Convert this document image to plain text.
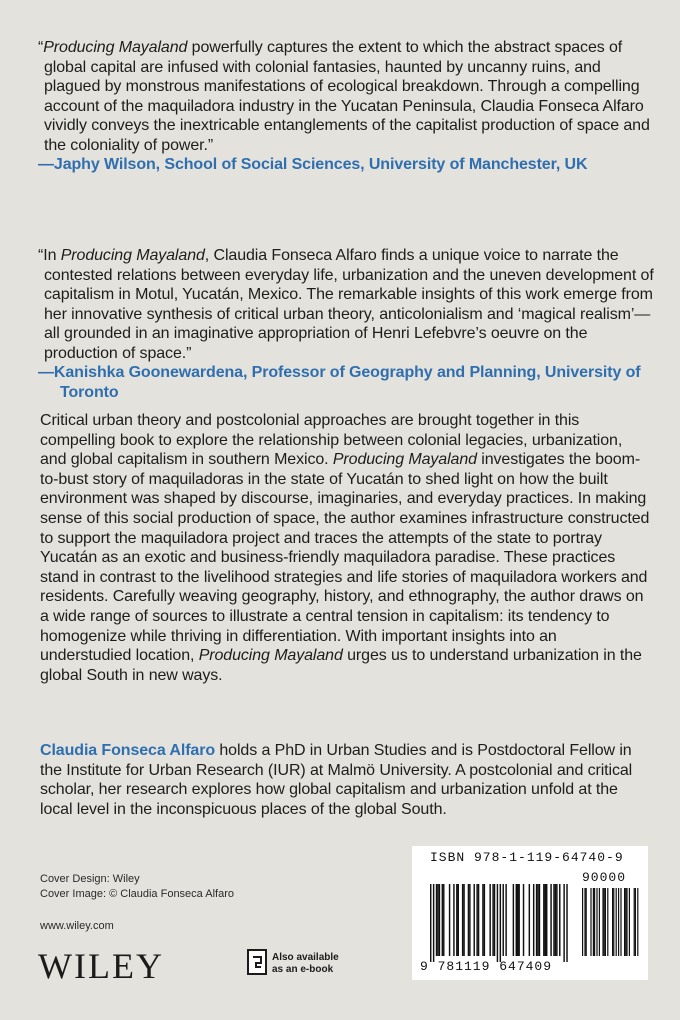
“Producing Mayaland powerfully captures the extent to which the abstract spaces of global capital are infused with colonial fantasies, haunted by uncanny ruins, and plagued by monstrous manifestations of ecological breakdown. Through a compelling account of the maquiladora industry in the Yucatan Peninsula, Claudia Fonseca Alfaro vividly conveys the inextricable entanglements of the capitalist production of space and the coloniality of power.”

—Japhy Wilson, School of Social Sciences, University of Manchester, UK

“In Producing Mayaland, Claudia Fonseca Alfaro finds a unique voice to narrate the contested relations between everyday life, urbanization and the uneven development of capitalism in Motul, Yucatán, Mexico. The remarkable insights of this work emerge from her innovative synthesis of critical urban theory, anticolonialism and ‘magical realism’—all grounded in an imaginative appropriation of Henri Lefebvre’s oeuvre on the production of space.”

—Kanishka Goonewardena, Professor of Geography and Planning, University of Toronto

Critical urban theory and postcolonial approaches are brought together in this compelling book to explore the relationship between colonial legacies, urbanization, and global capitalism in southern Mexico. Producing Mayaland investigates the boom-to-bust story of maquiladoras in the state of Yucatán to shed light on how the built environment was shaped by discourse, imaginaries, and everyday practices. In making sense of this social production of space, the author examines infrastructure constructed to support the maquiladora project and traces the attempts of the state to portray Yucatán as an exotic and business-friendly maquiladora paradise. These practices stand in contrast to the livelihood strategies and life stories of maquiladora workers and residents. Carefully weaving geography, history, and ethnography, the author draws on a wide range of sources to illustrate a central tension in capitalism: its tendency to homogenize while thriving in differentiation. With important insights into an understudied location, Producing Mayaland urges us to understand urbanization in the global South in new ways.

Claudia Fonseca Alfaro holds a PhD in Urban Studies and is Postdoctoral Fellow in the Institute for Urban Research (IUR) at Malmö University. A postcolonial and critical scholar, her research explores how global capitalism and urbanization unfold at the local level in the inconspicuous places of the global South.

Cover Design: Wiley
Cover Image: © Claudia Fonseca Alfaro
www.wiley.com
WILEY	Also available
as an e-book
ISBN 978-1-119-64740-9
90000
9 781119 647409
